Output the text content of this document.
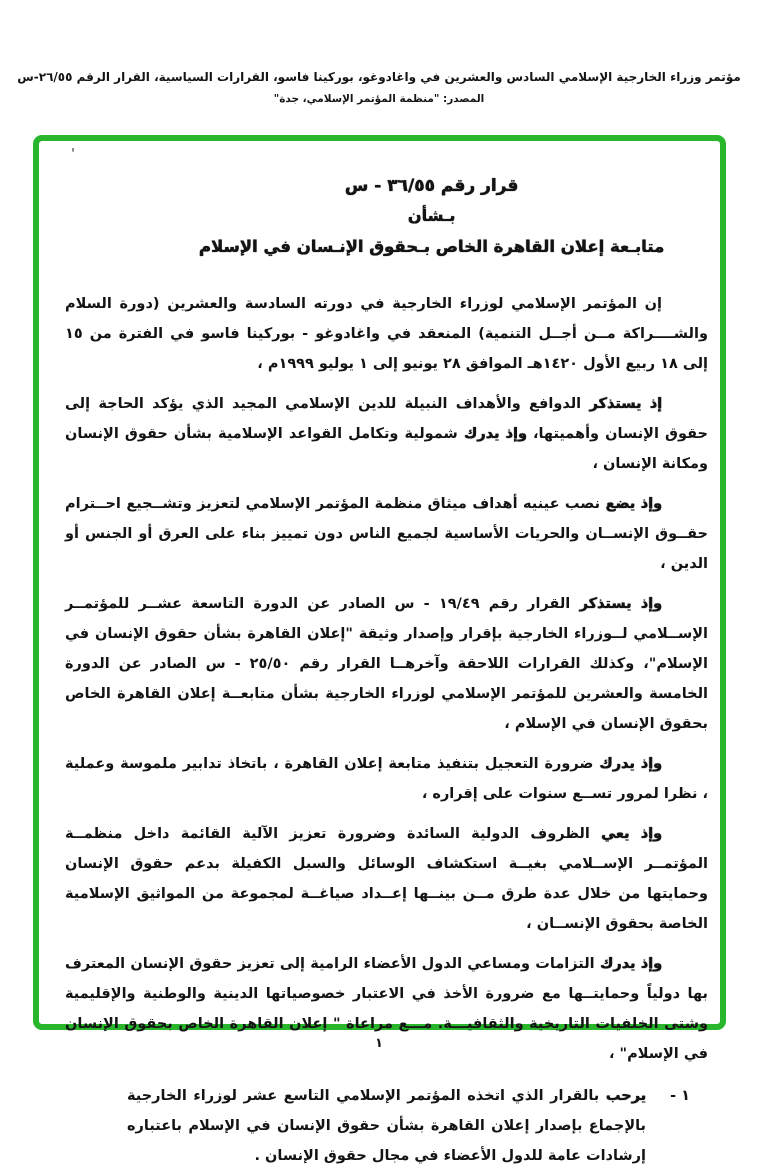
مؤتمر وزراء الخارجية الإسلامي السادس والعشرين في واغادوغو، بوركينا فاسو، القرارات السياسية، القرار الرقم ٢٦/٥٥-س
المصدر: "منظمة المؤتمر الإسلامي، جدة"
'
قرار رقم ٣٦/٥٥ - س
بـشأن
متابـعة إعلان القاهرة الخاص بـحقوق الإنـسان في الإسلام

إن المؤتمر الإسلامي لوزراء الخارجية في دورته السادسة والعشرين (دورة السلام والشــــراكة مــن أجــل التنمية) المنعقد في واغادوغو - بوركينا فاسو في الفترة من ١٥ إلى ١٨ ربيع الأول ١٤٢٠هـ الموافق ٢٨ يونيو إلى ١ يوليو ١٩٩٩م ،

إذ يستذكر الدوافع والأهداف النبيلة للدين الإسلامي المجيد الذي يؤكد الحاجة إلى حقوق الإنسان وأهميتها، وإذ يدرك شمولية وتكامل القواعد الإسلامية بشأن حقوق الإنسان ومكانة الإنسان ،

وإذ يضع نصب عينيه أهداف ميثاق منظمة المؤتمر الإسلامي لتعزيز وتشــجيع احــترام حقــوق الإنســان والحريات الأساسية لجميع الناس دون تمييز بناء على العرق أو الجنس أو الدين ،

وإذ يستذكر القرار رقم ١٩/٤٩ - س الصادر عن الدورة التاسعة عشــر للمؤتمــر الإســلامي لــوزراء الخارجية بإقرار وإصدار وثيقة "إعلان القاهرة بشأن حقوق الإنسان في الإسلام"، وكذلك القرارات اللاحقة وآخرهــا القرار رقم ٢٥/٥٠ - س الصادر عن الدورة الخامسة والعشرين للمؤتمر الإسلامي لوزراء الخارجية بشأن متابعــة إعلان القاهرة الخاص بحقوق الإنسان في الإسلام ،

وإذ يدرك ضرورة التعجيل بتنفيذ متابعة إعلان القاهرة ، باتخاذ تدابير ملموسة وعملية ، نظرا لمرور تســع سنوات على إقراره ،

وإذ يعي الظروف الدولية السائدة وضرورة تعزيز الآلية القائمة داخل منظمــة المؤتمــر الإســلامي بغيــة استكشاف الوسائل والسبل الكفيلة بدعم حقوق الإنسان وحمايتها من خلال عدة طرق مــن بينــها إعــداد صياغــة لمجموعة من المواثيق الإسلامية الخاصة بحقوق الإنســان ،

وإذ يدرك التزامات ومساعي الدول الأعضاء الرامية إلى تعزيز حقوق الإنسان المعترف بها دولياً وحمايتــها مع ضرورة الأخذ في الاعتبار خصوصياتها الدينية والوطنية والإقليمية وشتى الخلفيات التاريخية والثقافيـــة. مـــع مراعاة " إعلان القاهرة الخاص بحقوق الإنسان في الإسلام" ،

١ -
يرحب بالقرار الذي اتخذه المؤتمر الإسلامي التاسع عشر لوزراء الخارجية بالإجماع بإصدار إعلان القاهرة بشأن حقوق الإنسان في الإسلام باعتباره إرشادات عامة للدول الأعضاء في مجال حقوق الإنسان .
١
